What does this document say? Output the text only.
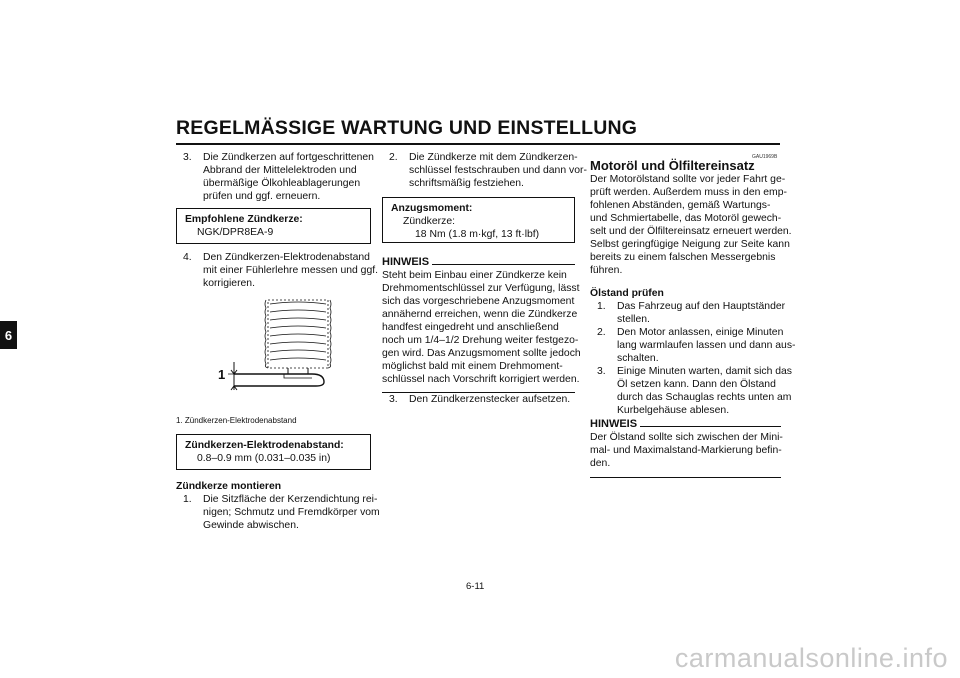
REGELMÄSSIGE WARTUNG UND EINSTELLUNG
6
3.	Die Zündkerzen auf fortgeschrittenen
Abbrand der Mittelelektroden und
übermäßige Ölkohleablagerungen
prüfen und ggf. erneuern.
Empfohlene Zündkerze:
NGK/DPR8EA-9
4.	Den Zündkerzen-Elektrodenabstand
mit einer Fühlerlehre messen und ggf.
korrigieren.
1
1. Zündkerzen-Elektrodenabstand
Zündkerzen-Elektrodenabstand:
0.8–0.9 mm (0.031–0.035 in)
Zündkerze montieren
1.	Die Sitzfläche der Kerzendichtung rei-
nigen; Schmutz und Fremdkörper vom
Gewinde abwischen.
2.	Die Zündkerze mit dem Zündkerzen-
schlüssel festschrauben und dann vor-
schriftsmäßig festziehen.
Anzugsmoment:
Zündkerze:
18 Nm (1.8 m·kgf, 13 ft·lbf)
HINWEIS
Steht beim Einbau einer Zündkerze kein
Drehmomentschlüssel zur Verfügung, lässt
sich das vorgeschriebene Anzugsmoment
annähernd erreichen, wenn die Zündkerze
handfest eingedreht und anschließend
noch um 1/4–1/2 Drehung weiter festgezo-
gen wird. Das Anzugsmoment sollte jedoch
möglichst bald mit einem Drehmoment-
schlüssel nach Vorschrift korrigiert werden.
3.	Den Zündkerzenstecker aufsetzen.
GAU1969B
Motoröl und Ölfiltereinsatz
Der Motorölstand sollte vor jeder Fahrt ge-
prüft werden. Außerdem muss in den emp-
fohlenen Abständen, gemäß Wartungs-
und Schmiertabelle, das Motoröl gewech-
selt und der Ölfiltereinsatz erneuert werden.
Selbst geringfügige Neigung zur Seite kann
bereits zu einem falschen Messergebnis
führen.
Ölstand prüfen
1.	Das Fahrzeug auf den Hauptständer
stellen.
2.	Den Motor anlassen, einige Minuten
lang warmlaufen lassen und dann aus-
schalten.
3.	Einige Minuten warten, damit sich das
Öl setzen kann. Dann den Ölstand
durch das Schauglas rechts unten am
Kurbelgehäuse ablesen.
HINWEIS
Der Ölstand sollte sich zwischen der Mini-
mal- und Maximalstand-Markierung befin-
den.
6-11
carmanualsonline.info
